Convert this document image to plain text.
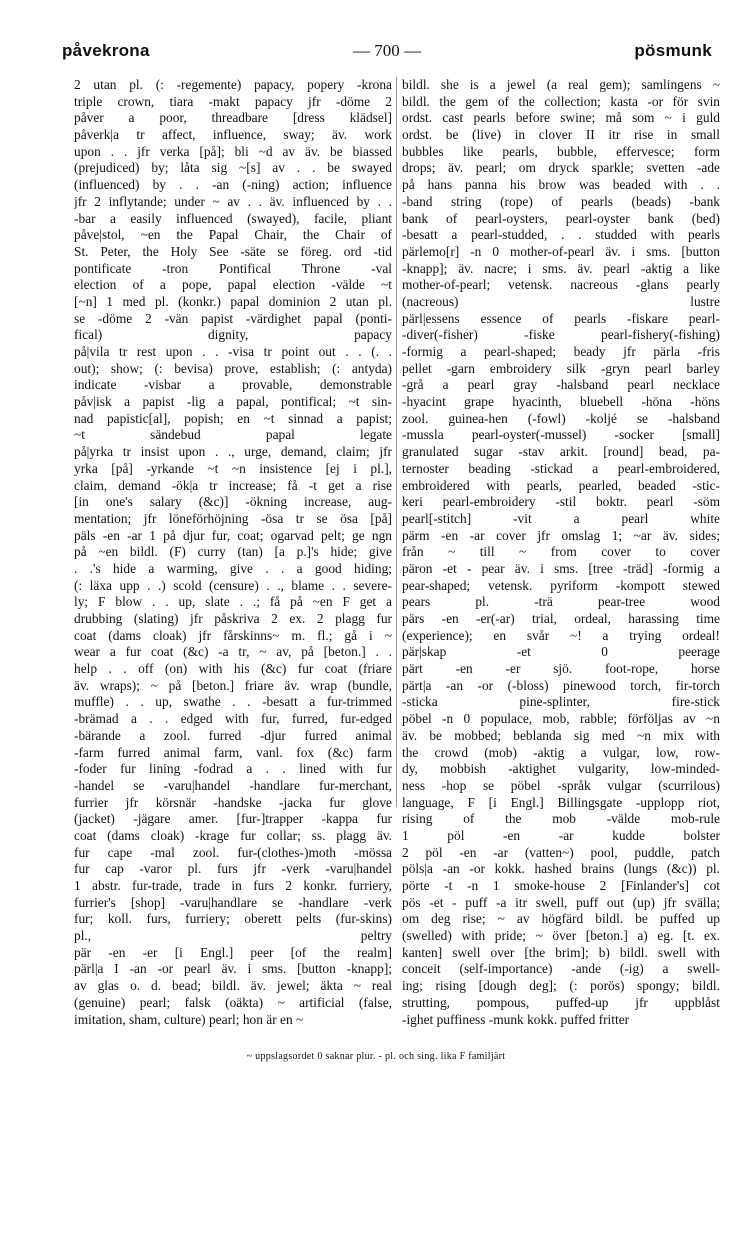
påvekrona	— 700 —	pösmunk
2 utan pl. (: -regemente) papacy, popery -krona
triple crown, tiara -makt papacy jfr -döme 2
påver a poor, threadbare [dress klädsel]
påverk|a tr affect, influence, sway; äv. work
upon . . jfr verka [på]; bli ~d av äv. be biassed
(prejudiced) by; låta sig ~[s] av . . be swayed
(influenced) by . . -an (-ning) action; influence
jfr 2 inflytande; under ~ av . . äv. influenced by . .
-bar a easily influenced (swayed), facile, pliant
påve|stol, ~en the Papal Chair, the Chair of
St. Peter, the Holy See -säte se föreg. ord -tid
pontificate -tron Pontifical Throne -val
election of a pope, papal election -välde ~t
[~n] 1 med pl. (konkr.) papal dominion 2 utan pl.
se -döme 2 -vän papist -värdighet papal (ponti-
fical) dignity, papacy
på|vila tr rest upon . . -visa tr point out . . (. .
out); show; (: bevisa) prove, establish; (: antyda)
indicate -visbar a provable, demonstrable
påv|isk a papist -lig a papal, pontifical; ~t sin-
nad papistic[al], popish; en ~t sinnad a papist;
~t sändebud papal legate
på|yrka tr insist upon . ., urge, demand, claim; jfr
yrka [på] -yrkande ~t ~n insistence [ej i pl.],
claim, demand -ök|a tr increase; få -t get a rise
[in one's salary (&c)] -ökning increase, aug-
mentation; jfr löneförhöjning -ösa tr se ösa [på]
päls -en -ar 1 på djur fur, coat; ogarvad pelt; ge ngn
på ~en bildl. (F) curry (tan) [a p.]'s hide; give
. .'s hide a warming, give . . a good hiding;
(: läxa upp . .) scold (censure) . ., blame . . severe-
ly; F blow . . up, slate . .; få på ~en F get a
drubbing (slating) jfr påskriva 2 ex. 2 plagg fur
coat (dams cloak) jfr fårskinns~ m. fl.; gå i ~
wear a fur coat (&c) -a tr, ~ av, på [beton.] . .
help . . off (on) with his (&c) fur coat (friare
äv. wraps); ~ på [beton.] friare äv. wrap (bundle,
muffle) . . up, swathe . . -besatt a fur-trimmed
-brämad a . . edged with fur, furred, fur-edged
-bärande a zool. furred -djur furred animal
-farm furred animal farm, vanl. fox (&c) farm
-foder fur lining -fodrad a . . lined with fur
-handel se -varu|handel -handlare fur-merchant,
furrier jfr körsnär -handske -jacka fur glove
(jacket) -jägare amer. [fur-]trapper -kappa fur
coat (dams cloak) -krage fur collar; ss. plagg äv.
fur cape -mal zool. fur-(clothes-)moth -mössa
fur cap -varor pl. furs jfr -verk -varu|handel
1 abstr. fur-trade, trade in furs 2 konkr. furriery,
furrier's [shop] -varu|handlare se -handlare -verk
fur; koll. furs, furriery; oberett pelts (fur-skins)
pl., peltry
pär -en -er [i Engl.] peer [of the realm]
pärl|a I -an -or pearl äv. i sms. [button -knapp];
av glas o. d. bead; bildl. äv. jewel; äkta ~ real
(genuine) pearl; falsk (oäkta) ~ artificial (false,
imitation, sham, culture) pearl; hon är en ~
bildl. she is a jewel (a real gem); samlingens ~
bildl. the gem of the collection; kasta -or för svin
ordst. cast pearls before swine; må som ~ i guld
ordst. be (live) in clover II itr rise in small
bubbles like pearls, bubble, effervesce; form
drops; äv. pearl; om dryck sparkle; svetten -ade
på hans panna his brow was beaded with . .
-band string (rope) of pearls (beads) -bank
bank of pearl-oysters, pearl-oyster bank (bed)
-besatt a pearl-studded, . . studded with pearls
pärlemo[r] -n 0 mother-of-pearl äv. i sms. [button
-knapp]; äv. nacre; i sms. äv. pearl -aktig a like
mother-of-pearl; vetensk. nacreous -glans pearly
(nacreous) lustre
pärl|essens essence of pearls -fiskare pearl-
-diver(-fisher) -fiske pearl-fishery(-fishing)
-formig a pearl-shaped; beady jfr pärla -fris
pellet -garn embroidery silk -gryn pearl barley
-grå a pearl gray -halsband pearl necklace
-hyacint grape hyacinth, bluebell -höna -höns
zool. guinea-hen (-fowl) -koljé se -halsband
-mussla pearl-oyster(-mussel) -socker [small]
granulated sugar -stav arkit. [round] bead, pa-
ternoster beading -stickad a pearl-embroidered,
embroidered with pearls, pearled, beaded -stic-
keri pearl-embroidery -stil boktr. pearl -söm
pearl[-stitch] -vit a pearl white
pärm -en -ar cover jfr omslag 1; ~ar äv. sides;
från ~ till ~ from cover to cover
päron -et - pear äv. i sms. [tree -träd] -formig a
pear-shaped; vetensk. pyriform -kompott stewed
pears pl. -trä pear-tree wood
pärs -en -er(-ar) trial, ordeal, harassing time
(experience); en svår ~! a trying ordeal!
pär|skap -et 0 peerage
pärt -en -er sjö. foot-rope, horse
pärt|a -an -or (-bloss) pinewood torch, fir-torch
-sticka pine-splinter, fire-stick
pöbel -n 0 populace, mob, rabble; förföljas av ~n
äv. be mobbed; beblanda sig med ~n mix with
the crowd (mob) -aktig a vulgar, low, row-
dy, mobbish -aktighet vulgarity, low-minded-
ness -hop se pöbel -språk vulgar (scurrilous)
language, F [i Engl.] Billingsgate -upplopp riot,
rising of the mob -välde mob-rule
1 pöl -en -ar kudde bolster
2 pöl -en -ar (vatten~) pool, puddle, patch
pöls|a -an -or kokk. hashed brains (lungs (&c)) pl.
pörte -t -n 1 smoke-house 2 [Finlander's] cot
pös -et - puff -a itr swell, puff out (up) jfr svälla;
om deg rise; ~ av högfärd bildl. be puffed up
(swelled) with pride; ~ över [beton.] a) eg. [t. ex.
kanten] swell over [the brim]; b) bildl. swell with
conceit (self-importance) -ande (-ig) a swell-
ing; rising [dough deg]; (: porös) spongy; bildl.
strutting, pompous, puffed-up jfr uppblåst
-ighet puffiness -munk kokk. puffed fritter
~ uppslagsordet 0 saknar plur. - pl. och sing. lika F familjärt
